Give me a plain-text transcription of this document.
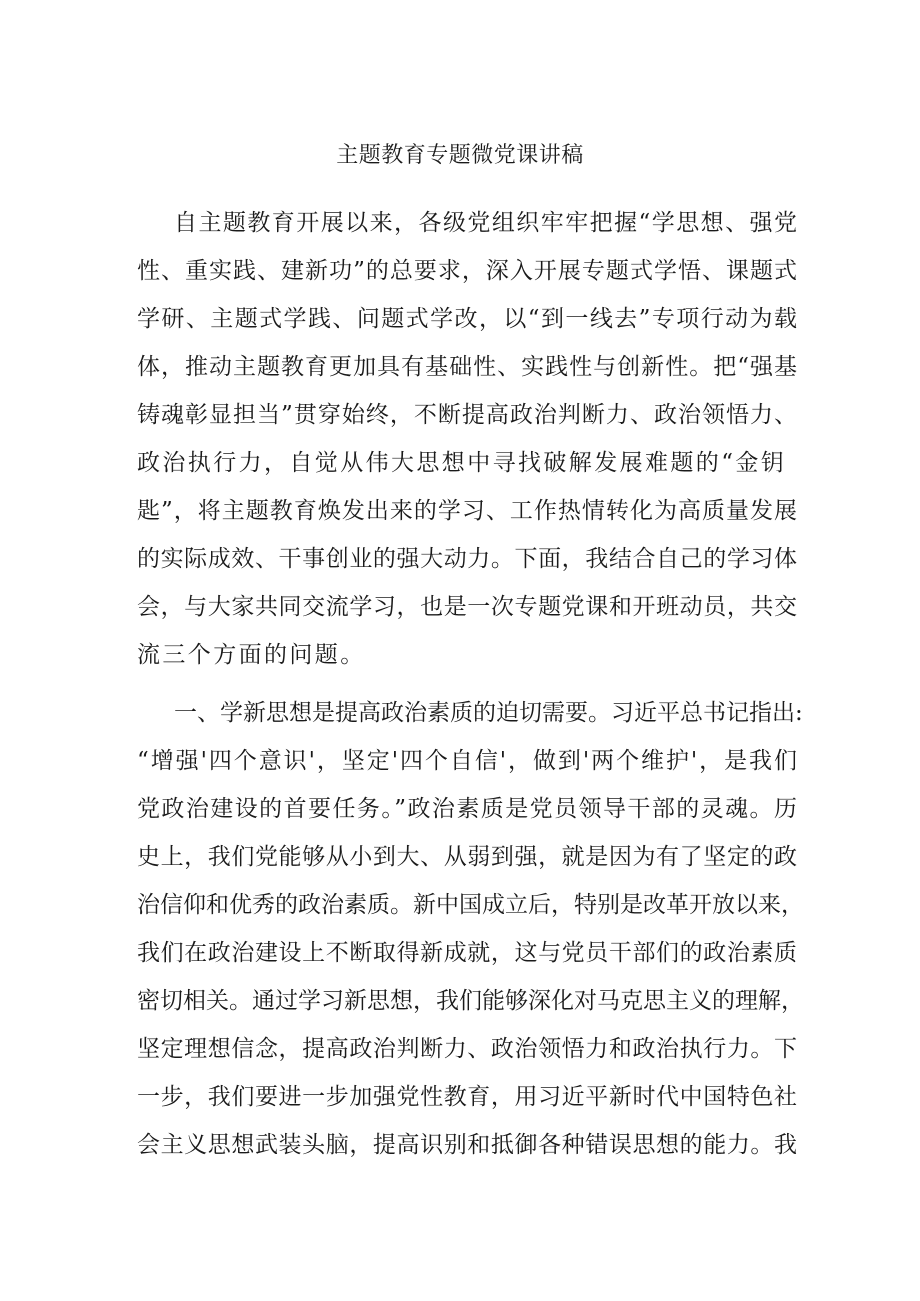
主题教育专题微党课讲稿
自主题教育开展以来，各级党组织牢牢把握“学思想、强党
性、重实践、建新功”的总要求，深入开展专题式学悟、课题式
学研、主题式学践、问题式学改，以“到一线去”专项行动为载
体，推动主题教育更加具有基础性、实践性与创新性。把“强基
铸魂彰显担当”贯穿始终，不断提高政治判断力、政治领悟力、
政治执行力，自觉从伟大思想中寻找破解发展难题的“金钥
匙”，将主题教育焕发出来的学习、工作热情转化为高质量发展
的实际成效、干事创业的强大动力。下面，我结合自己的学习体
会，与大家共同交流学习，也是一次专题党课和开班动员，共交
流三个方面的问题。
一、学新思想是提高政治素质的迫切需要。习近平总书记指出:
“增强'四个意识'，坚定'四个自信'，做到'两个维护'，是我们
党政治建设的首要任务。”政治素质是党员领导干部的灵魂。历
史上，我们党能够从小到大、从弱到强，就是因为有了坚定的政
治信仰和优秀的政治素质。新中国成立后，特别是改革开放以来，
我们在政治建设上不断取得新成就，这与党员干部们的政治素质
密切相关。通过学习新思想，我们能够深化对马克思主义的理解，
坚定理想信念，提高政治判断力、政治领悟力和政治执行力。下
一步，我们要进一步加强党性教育，用习近平新时代中国特色社
会主义思想武装头脑，提高识别和抵御各种错误思想的能力。我
